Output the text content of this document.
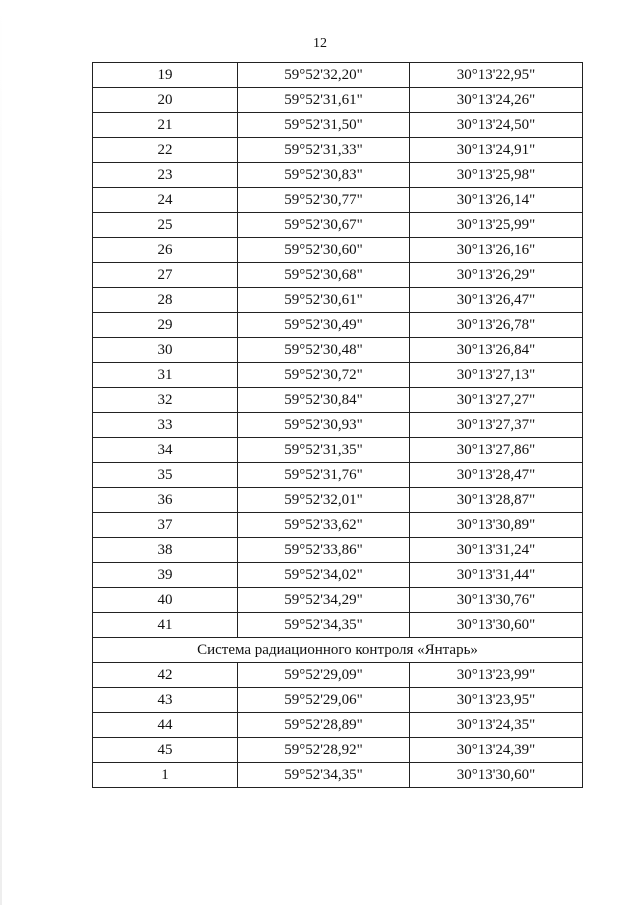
12
19	59°52'32,20"	30°13'22,95"
20	59°52'31,61"	30°13'24,26"
21	59°52'31,50"	30°13'24,50"
22	59°52'31,33"	30°13'24,91"
23	59°52'30,83"	30°13'25,98"
24	59°52'30,77"	30°13'26,14"
25	59°52'30,67"	30°13'25,99"
26	59°52'30,60"	30°13'26,16"
27	59°52'30,68"	30°13'26,29"
28	59°52'30,61"	30°13'26,47"
29	59°52'30,49"	30°13'26,78"
30	59°52'30,48"	30°13'26,84"
31	59°52'30,72"	30°13'27,13"
32	59°52'30,84"	30°13'27,27"
33	59°52'30,93"	30°13'27,37"
34	59°52'31,35"	30°13'27,86"
35	59°52'31,76"	30°13'28,47"
36	59°52'32,01"	30°13'28,87"
37	59°52'33,62"	30°13'30,89"
38	59°52'33,86"	30°13'31,24"
39	59°52'34,02"	30°13'31,44"
40	59°52'34,29"	30°13'30,76"
41	59°52'34,35"	30°13'30,60"
Система радиационного контроля «Янтарь»		
42	59°52'29,09"	30°13'23,99"
43	59°52'29,06"	30°13'23,95"
44	59°52'28,89"	30°13'24,35"
45	59°52'28,92"	30°13'24,39"
1	59°52'34,35"	30°13'30,60"
